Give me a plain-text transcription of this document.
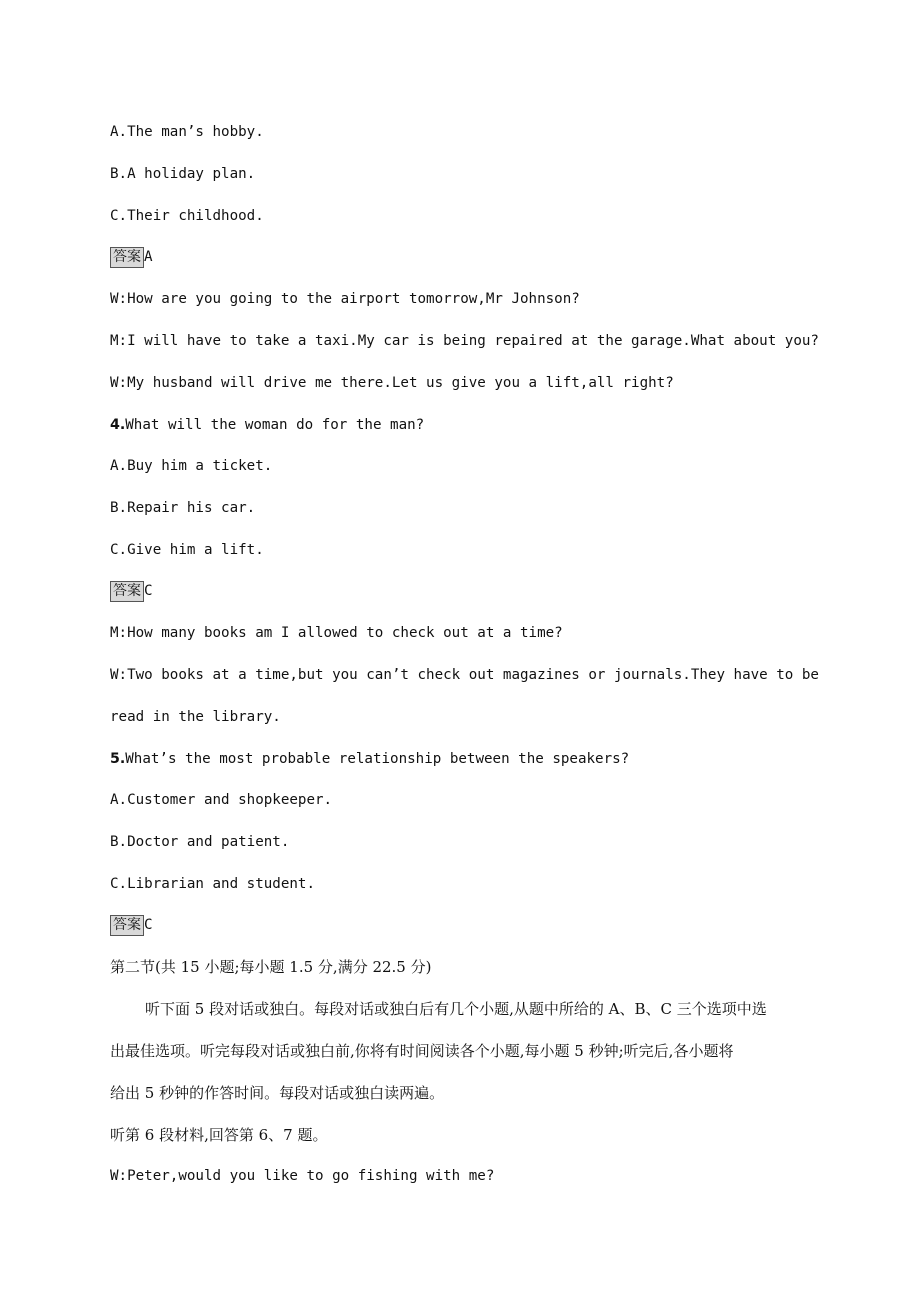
A.The man’s hobby.
B.A holiday plan.
C.Their childhood.
答案 A
W:How are you going to the airport tomorrow,Mr Johnson?
M:I will have to take a taxi.My car is being repaired at the garage.What about you?
W:My husband will drive me there.Let us give you a lift,all right?
4.What will the woman do for the man?
A.Buy him a ticket.
B.Repair his car.
C.Give him a lift.
答案 C
M:How many books am I allowed to check out at a time?
W:Two books at a time,but you can’t check out magazines or journals.They have to be
read in the library.
5.What’s the most probable relationship between the speakers?
A.Customer and shopkeeper.
B.Doctor and patient.
C.Librarian and student.
答案 C
第二节(共 15 小题;每小题 1.5 分,满分 22.5 分)
听下面 5 段对话或独白。每段对话或独白后有几个小题,从题中所给的 A、B、C 三个选项中选
出最佳选项。听完每段对话或独白前,你将有时间阅读各个小题,每小题 5 秒钟;听完后,各小题将
给出 5 秒钟的作答时间。每段对话或独白读两遍。
听第 6 段材料,回答第 6、7 题。
W:Peter,would you like to go fishing with me?
